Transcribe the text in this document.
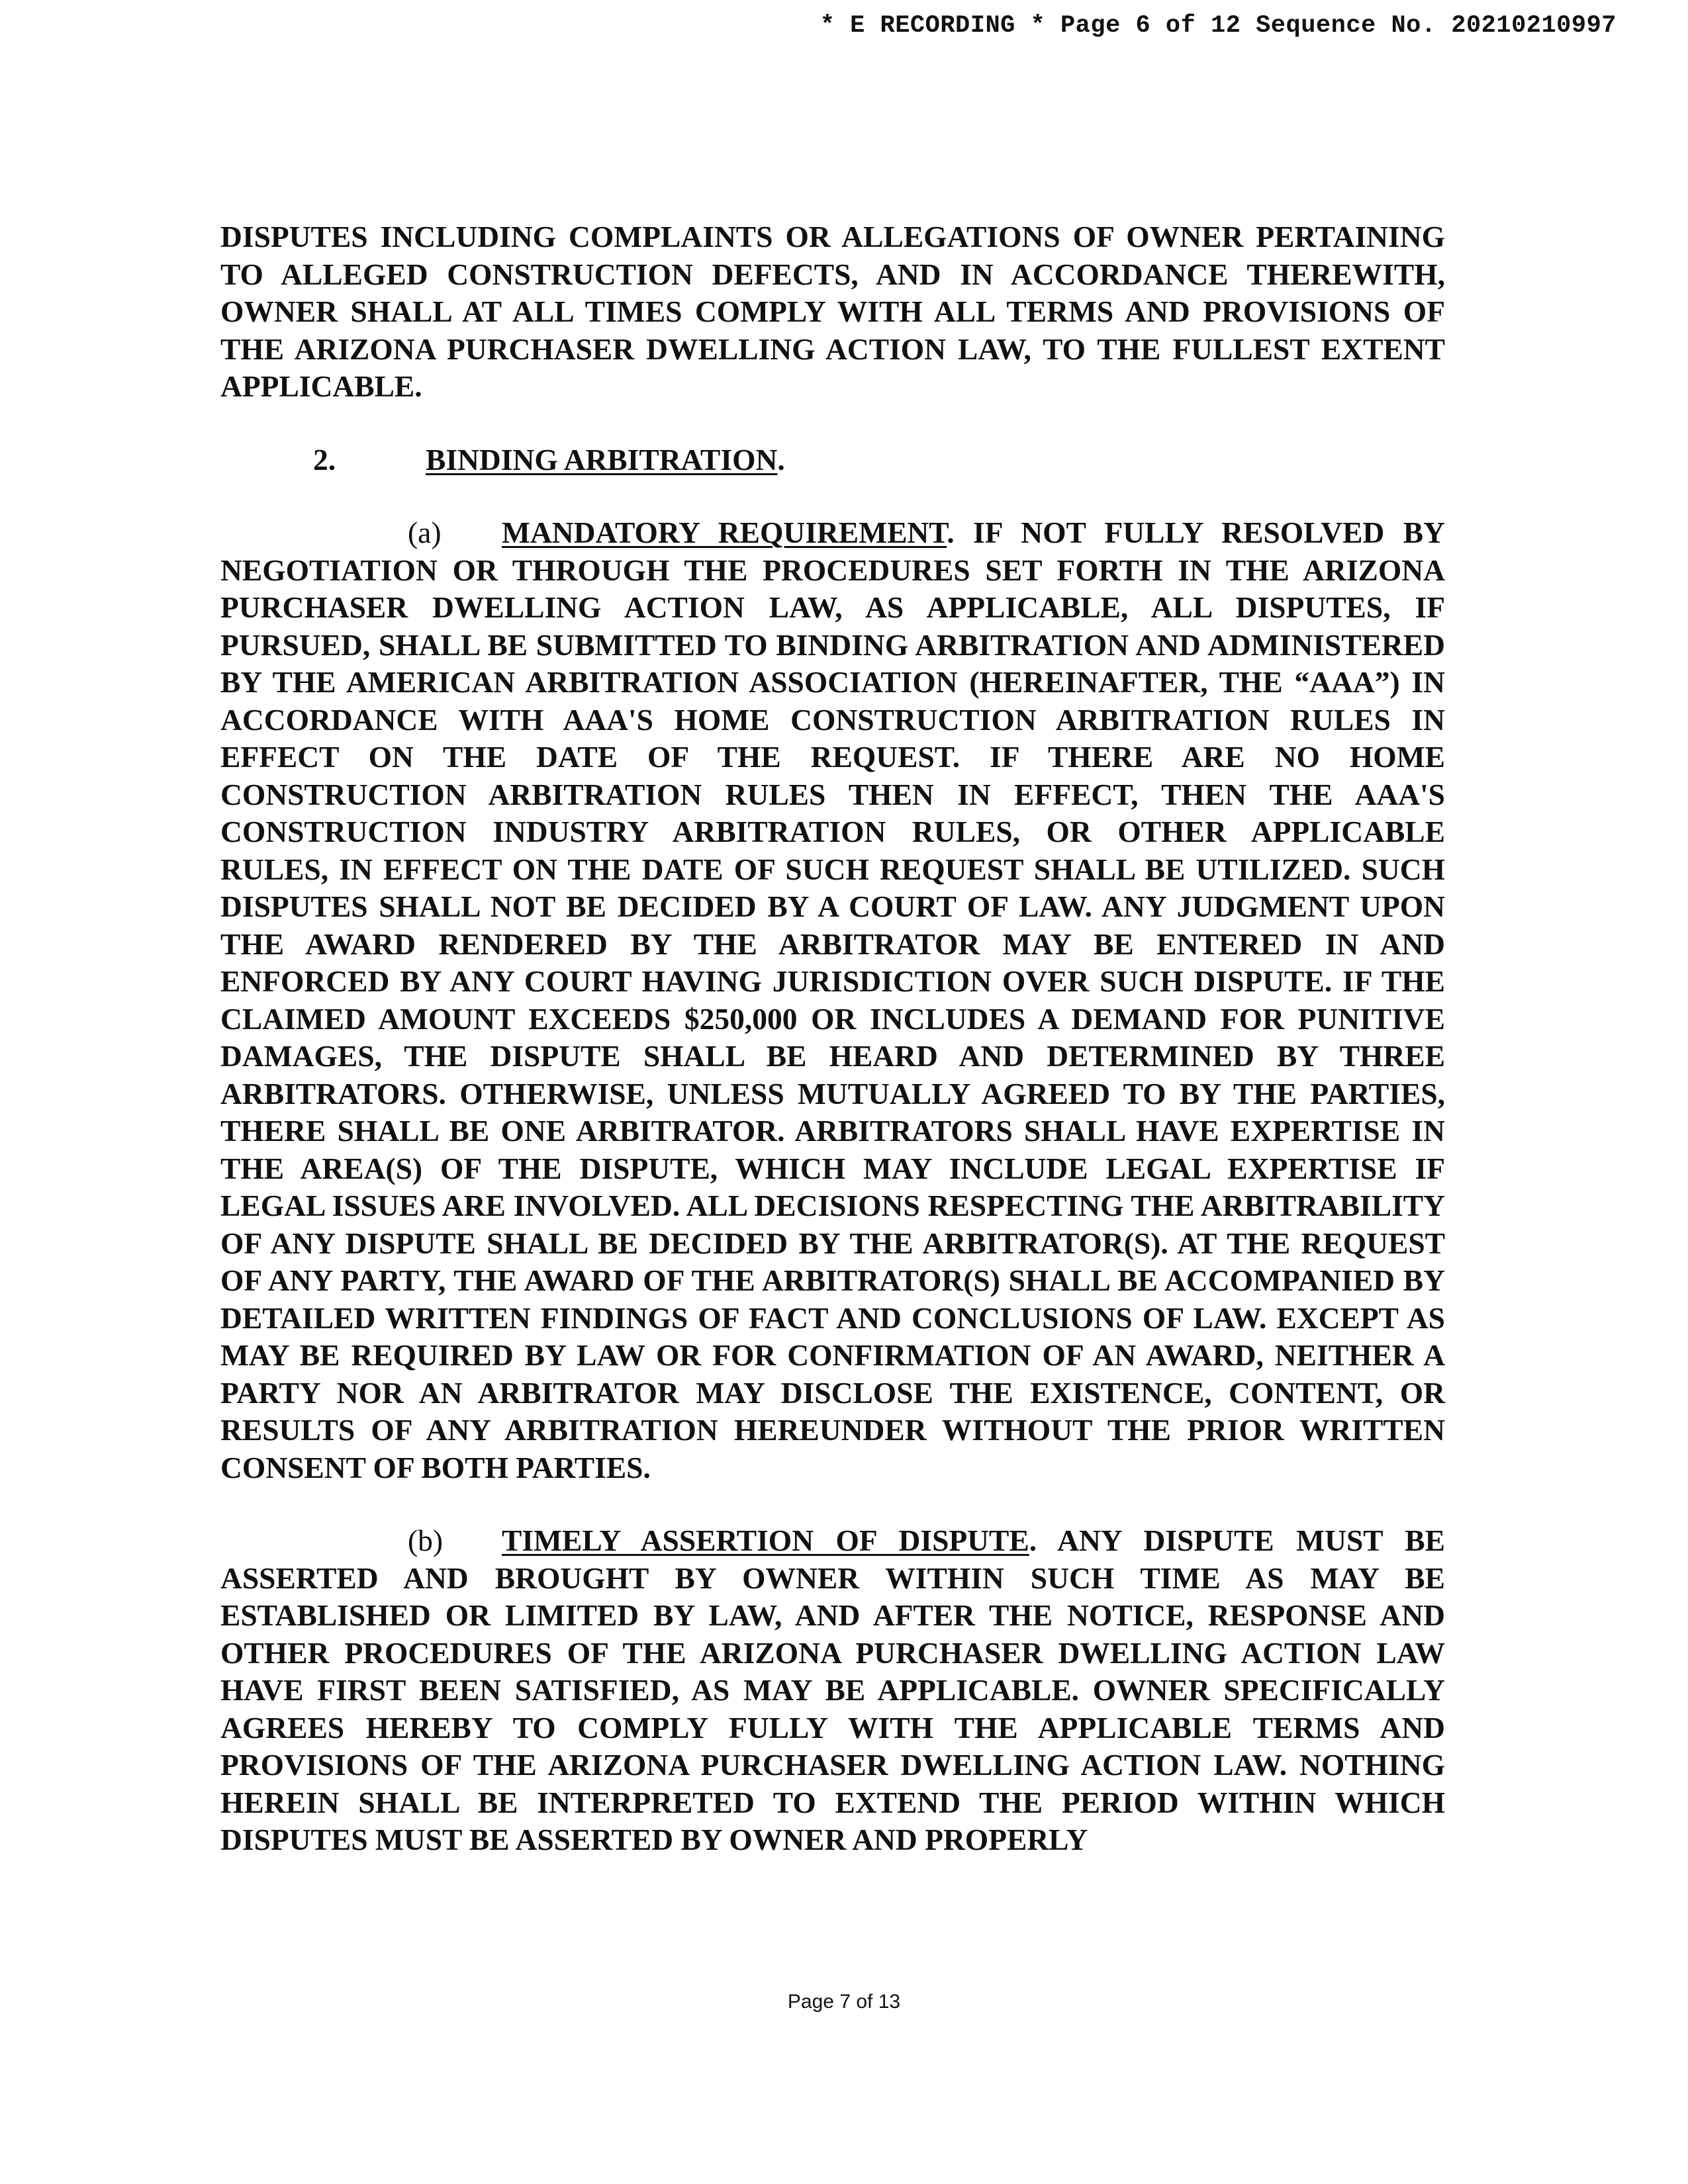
* E RECORDING * Page 6 of 12 Sequence No. 20210210997

DISPUTES INCLUDING COMPLAINTS OR ALLEGATIONS OF OWNER PERTAINING TO ALLEGED CONSTRUCTION DEFECTS, AND IN ACCORDANCE THEREWITH, OWNER SHALL AT ALL TIMES COMPLY WITH ALL TERMS AND PROVISIONS OF THE ARIZONA PURCHASER DWELLING ACTION LAW, TO THE FULLEST EXTENT APPLICABLE.

2.	BINDING ARBITRATION.

(a) MANDATORY REQUIREMENT. IF NOT FULLY RESOLVED BY NEGOTIATION OR THROUGH THE PROCEDURES SET FORTH IN THE ARIZONA PURCHASER DWELLING ACTION LAW, AS APPLICABLE, ALL DISPUTES, IF PURSUED, SHALL BE SUBMITTED TO BINDING ARBITRATION AND ADMINISTERED BY THE AMERICAN ARBITRATION ASSOCIATION (HEREINAFTER, THE “AAA”) IN ACCORDANCE WITH AAA'S HOME CONSTRUCTION ARBITRATION RULES IN EFFECT ON THE DATE OF THE REQUEST. IF THERE ARE NO HOME CONSTRUCTION ARBITRATION RULES THEN IN EFFECT, THEN THE AAA'S CONSTRUCTION INDUSTRY ARBITRATION RULES, OR OTHER APPLICABLE RULES, IN EFFECT ON THE DATE OF SUCH REQUEST SHALL BE UTILIZED. SUCH DISPUTES SHALL NOT BE DECIDED BY A COURT OF LAW. ANY JUDGMENT UPON THE AWARD RENDERED BY THE ARBITRATOR MAY BE ENTERED IN AND ENFORCED BY ANY COURT HAVING JURISDICTION OVER SUCH DISPUTE. IF THE CLAIMED AMOUNT EXCEEDS $250,000 OR INCLUDES A DEMAND FOR PUNITIVE DAMAGES, THE DISPUTE SHALL BE HEARD AND DETERMINED BY THREE ARBITRATORS. OTHERWISE, UNLESS MUTUALLY AGREED TO BY THE PARTIES, THERE SHALL BE ONE ARBITRATOR. ARBITRATORS SHALL HAVE EXPERTISE IN THE AREA(S) OF THE DISPUTE, WHICH MAY INCLUDE LEGAL EXPERTISE IF LEGAL ISSUES ARE INVOLVED. ALL DECISIONS RESPECTING THE ARBITRABILITY OF ANY DISPUTE SHALL BE DECIDED BY THE ARBITRATOR(S). AT THE REQUEST OF ANY PARTY, THE AWARD OF THE ARBITRATOR(S) SHALL BE ACCOMPANIED BY DETAILED WRITTEN FINDINGS OF FACT AND CONCLUSIONS OF LAW. EXCEPT AS MAY BE REQUIRED BY LAW OR FOR CONFIRMATION OF AN AWARD, NEITHER A PARTY NOR AN ARBITRATOR MAY DISCLOSE THE EXISTENCE, CONTENT, OR RESULTS OF ANY ARBITRATION HEREUNDER WITHOUT THE PRIOR WRITTEN CONSENT OF BOTH PARTIES.

(b) TIMELY ASSERTION OF DISPUTE. ANY DISPUTE MUST BE ASSERTED AND BROUGHT BY OWNER WITHIN SUCH TIME AS MAY BE ESTABLISHED OR LIMITED BY LAW, AND AFTER THE NOTICE, RESPONSE AND OTHER PROCEDURES OF THE ARIZONA PURCHASER DWELLING ACTION LAW HAVE FIRST BEEN SATISFIED, AS MAY BE APPLICABLE. OWNER SPECIFICALLY AGREES HEREBY TO COMPLY FULLY WITH THE APPLICABLE TERMS AND PROVISIONS OF THE ARIZONA PURCHASER DWELLING ACTION LAW. NOTHING HEREIN SHALL BE INTERPRETED TO EXTEND THE PERIOD WITHIN WHICH DISPUTES MUST BE ASSERTED BY OWNER AND PROPERLY

Page 7 of 13
